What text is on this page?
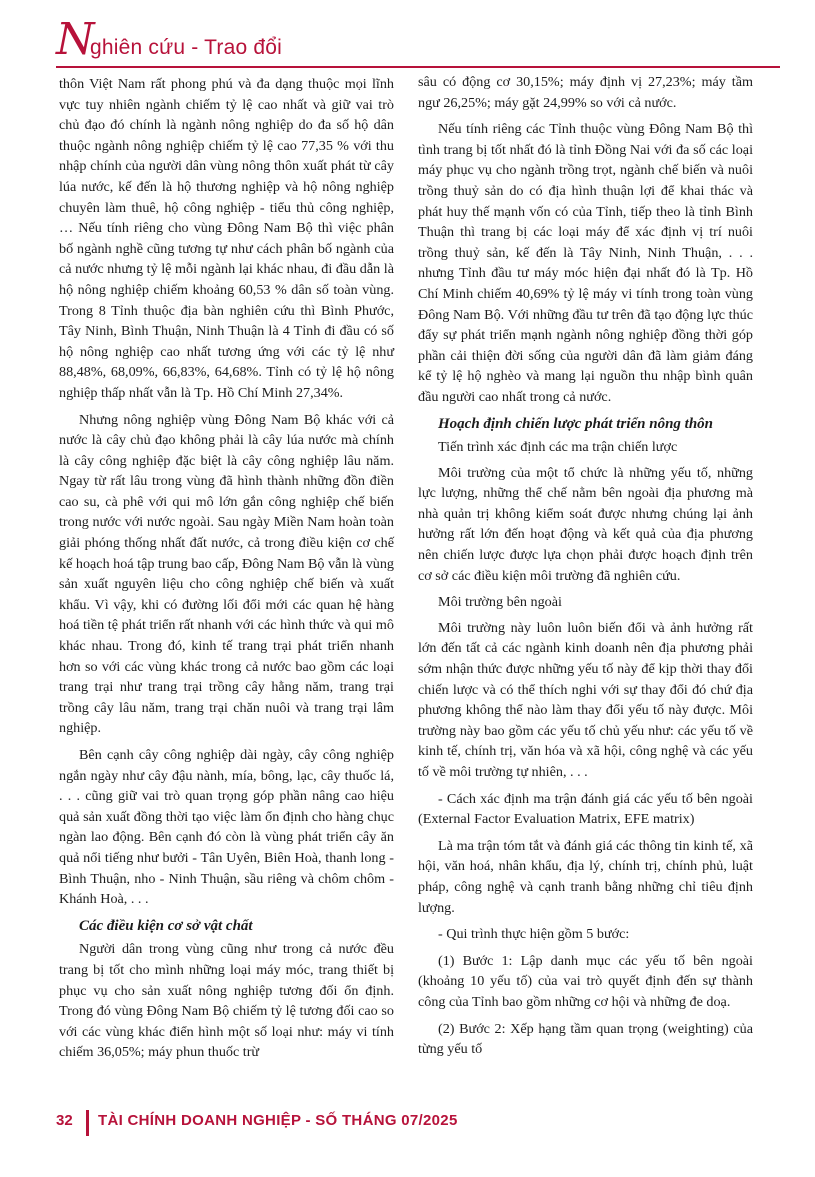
N
ghiên cứu - Trao đổi

thôn Việt Nam rất phong phú và đa dạng thuộc mọi lĩnh vực tuy nhiên ngành chiếm tỷ lệ cao nhất và giữ vai trò chủ đạo đó chính là ngành nông nghiệp do đa số hộ dân thuộc ngành nông nghiệp chiếm tỷ lệ cao 77,35 % với thu nhập chính của người dân vùng nông thôn xuất phát từ cây lúa nước, kế đến là hộ thương nghiệp và hộ nông nghiệp chuyên làm thuê, hộ công nghiệp - tiểu thủ công nghiệp, … Nếu tính riêng cho vùng Đông Nam Bộ thì việc phân bố ngành nghề cũng tương tự như cách phân bố ngành của cả nước nhưng tỷ lệ mỗi ngành lại khác nhau, đi đầu dẫn là hộ nông nghiệp chiếm khoảng 60,53 % dân số toàn vùng. Trong 8 Tỉnh thuộc địa bàn nghiên cứu thì Bình Phước, Tây Ninh, Bình Thuận, Ninh Thuận là 4 Tỉnh đi đầu có số hộ nông nghiệp cao nhất tương ứng với các tỷ lệ như 88,48%, 68,09%, 66,83%, 64,68%. Tỉnh có tỷ lệ hộ nông nghiệp thấp nhất vẫn là Tp. Hồ Chí Minh 27,34%.

Nhưng nông nghiệp vùng Đông Nam Bộ khác với cả nước là cây chủ đạo không phải là cây lúa nước mà chính là cây công nghiệp đặc biệt là cây công nghiệp lâu năm. Ngay từ rất lâu trong vùng đã hình thành những đồn điền cao su, cà phê với qui mô lớn gắn công nghiệp chế biến trong nước với nước ngoài. Sau ngày Miền Nam hoàn toàn giải phóng thống nhất đất nước, cả trong điều kiện cơ chế kế hoạch hoá tập trung bao cấp, Đông Nam Bộ vẫn là vùng sản xuất nguyên liệu cho công nghiệp chế biến và xuất khẩu. Vì vậy, khi có đường lối đổi mới các quan hệ hàng hoá tiền tệ phát triển rất nhanh với các hình thức và qui mô khác nhau. Trong đó, kinh tế trang trại phát triển nhanh hơn so với các vùng khác trong cả nước bao gồm các loại trang trại như trang trại trồng cây hằng năm, trang trại trồng cây lâu năm, trang trại chăn nuôi và trang trại lâm nghiệp.

Bên cạnh cây công nghiệp dài ngày, cây công nghiệp ngắn ngày như cây đậu nành, mía, bông, lạc, cây thuốc lá, . . . cũng giữ vai trò quan trọng góp phần nâng cao hiệu quả sản xuất đồng thời tạo việc làm ổn định cho hàng chục ngàn lao động. Bên cạnh đó còn là vùng phát triển cây ăn quả nổi tiếng như bưởi - Tân Uyên, Biên Hoà, thanh long - Bình Thuận, nho - Ninh Thuận, sầu riêng và chôm chôm - Khánh Hoà, . . .

Các điều kiện cơ sở vật chất

Người dân trong vùng cũng như trong cả nước đều trang bị tốt cho mình những loại máy móc, trang thiết bị phục vụ cho sản xuất nông nghiệp tương đối ổn định. Trong đó vùng Đông Nam Bộ chiếm tỷ lệ tương đối cao so với các vùng khác điển hình một số loại như: máy vi tính chiếm 36,05%; máy phun thuốc trừ

sâu có động cơ 30,15%; máy định vị 27,23%; máy tầm ngư 26,25%; máy gặt 24,99% so với cả nước.

Nếu tính riêng các Tỉnh thuộc vùng Đông Nam Bộ thì tình trang bị tốt nhất đó là tỉnh Đồng Nai với đa số các loại máy phục vụ cho ngành trồng trọt, ngành chế biến và nuôi trồng thuỷ sản do có địa hình thuận lợi để khai thác và phát huy thế mạnh vốn có của Tỉnh, tiếp theo là tỉnh Bình Thuận thì trang bị các loại máy để xác định vị trí nuôi trồng thuỷ sản, kế đến là Tây Ninh, Ninh Thuận, . . . nhưng Tỉnh đầu tư máy móc hiện đại nhất đó là Tp. Hồ Chí Minh chiếm 40,69% tỷ lệ máy vi tính trong toàn vùng Đông Nam Bộ. Với những đầu tư trên đã tạo động lực thúc đẩy sự phát triển mạnh ngành nông nghiệp đồng thời góp phần cải thiện đời sống của người dân đã làm giảm đáng kể tỷ lệ hộ nghèo và mang lại nguồn thu nhập bình quân đầu người cao nhất trong cả nước.

Hoạch định chiến lược phát triển nông thôn
Tiến trình xác định các ma trận chiến lược

Môi trường của một tổ chức là những yếu tố, những lực lượng, những thể chế nằm bên ngoài địa phương mà nhà quản trị không kiểm soát được nhưng chúng lại ảnh hưởng rất lớn đến hoạt động và kết quả của địa phương nên chiến lược được lựa chọn phải được hoạch định trên cơ sở các điều kiện môi trường đã nghiên cứu.

Môi trường bên ngoài

Môi trường này luôn luôn biến đổi và ảnh hưởng rất lớn đến tất cả các ngành kinh doanh nên địa phương phải sớm nhận thức được những yếu tố này để kịp thời thay đổi chiến lược và có thể thích nghi với sự thay đổi đó chứ địa phương không thể nào làm thay đổi yếu tố này được. Môi trường này bao gồm các yếu tố chủ yếu như: các yếu tố về kinh tế, chính trị, văn hóa và xã hội, công nghệ và các yếu tố về môi trường tự nhiên, . . .

- Cách xác định ma trận đánh giá các yếu tố bên ngoài (External Factor Evaluation Matrix, EFE matrix)

Là ma trận tóm tắt và đánh giá các thông tin kinh tế, xã hội, văn hoá, nhân khẩu, địa lý, chính trị, chính phủ, luật pháp, công nghệ và cạnh tranh bằng những chỉ tiêu định lượng.

- Qui trình thực hiện gồm 5 bước:

(1) Bước 1: Lập danh mục các yếu tố bên ngoài (khoảng 10 yếu tố) của vai trò quyết định đến sự thành công của Tỉnh bao gồm những cơ hội và những đe doạ.

(2) Bước 2: Xếp hạng tầm quan trọng (weighting) của từng yếu tố

32 TÀI CHÍNH DOANH NGHIỆP - SỐ THÁNG 07/2025
